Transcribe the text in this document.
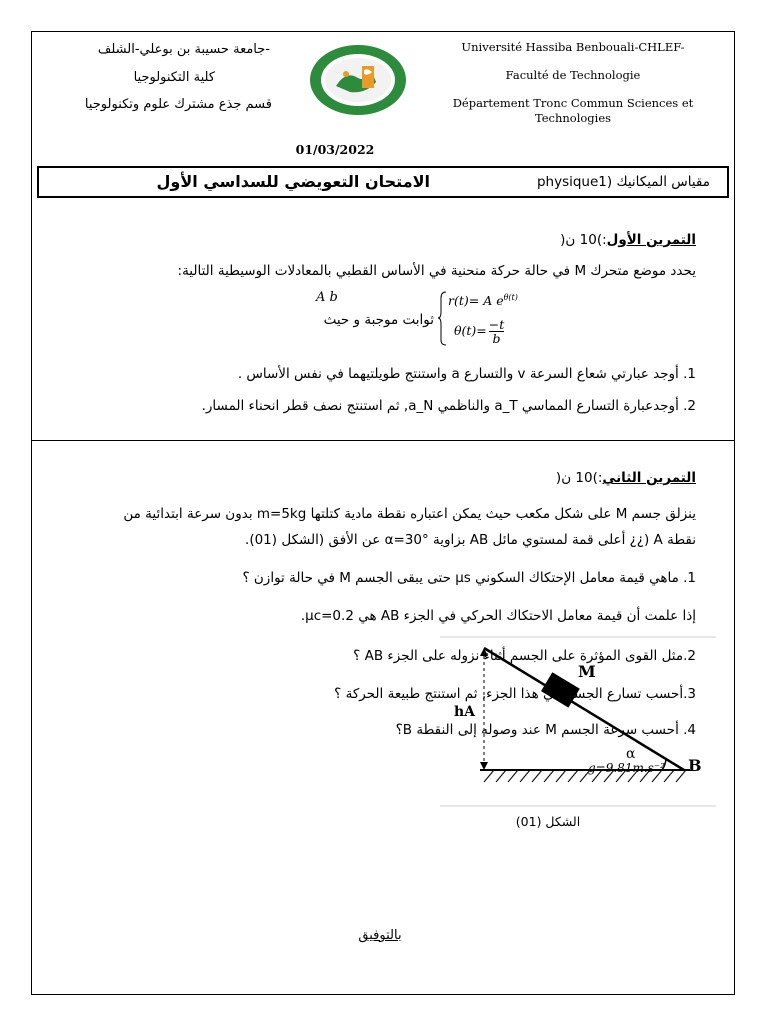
-جامعة حسيبة بن بوعلي-الشلف
كلية التكنولوجيا
قسم جذع مشترك علوم وتكنولوجيا
Université Hassiba Benbouali-CHLEF-
Faculté de Technologie
Département Tronc Commun Sciences et
Technologies
01/03/2022
الامتحان التعويضي للسداسي الأول	مقياس الميكانيك (physique1
التمرين الأول:)10 ن(
يحدد موضع متحرك M في حالة حركة منحنية في الأساس القطبي بالمعادلات الوسيطية التالية:
A b
ثوابت موجبة و حيث
r(t)= A $e^{\theta(t)}$
$\theta(t)= \frac{-t}{b}$
1. أوجد عبارتي شعاع السرعة v والتسارع a واستنتج طويلتيهما في نفس الأساس .
2. أوجدعبارة التسارع المماسي a_T والناظمي a_N, ثم استنتج نصف قطر انحناء المسار.
التمرين الثاني:)10 ن(
ينزلق جسم M على شكل مكعب حيث يمكن اعتباره نقطة مادية كتلتها m=5kg بدون سرعة ابتدائية من
نقطة A (¿¿ أعلى قمة لمستوي مائل AB بزاوية α=30° عن الأفق (الشكل (01).
1. ماهي قيمة معامل الإحتكاك السكوني μs حتى يبقى الجسم M في حالة توازن ؟
إذا علمت أن قيمة معامل الاحتكاك الحركي في الجزء AB هي μc=0.2.
M
hA
B
α
g=9.81m.s⁻²
2.مثل القوى المؤثرة على الجسم أثناء نزوله على الجزء AB ؟
3.أحسب تسارع الجسم في هذا الجزء, ثم استنتج طبيعة الحركة ؟
4. أحسب سرعة الجسم M عند وصوله إلى النقطة B؟
الشكل (01)
بالتوفيق
